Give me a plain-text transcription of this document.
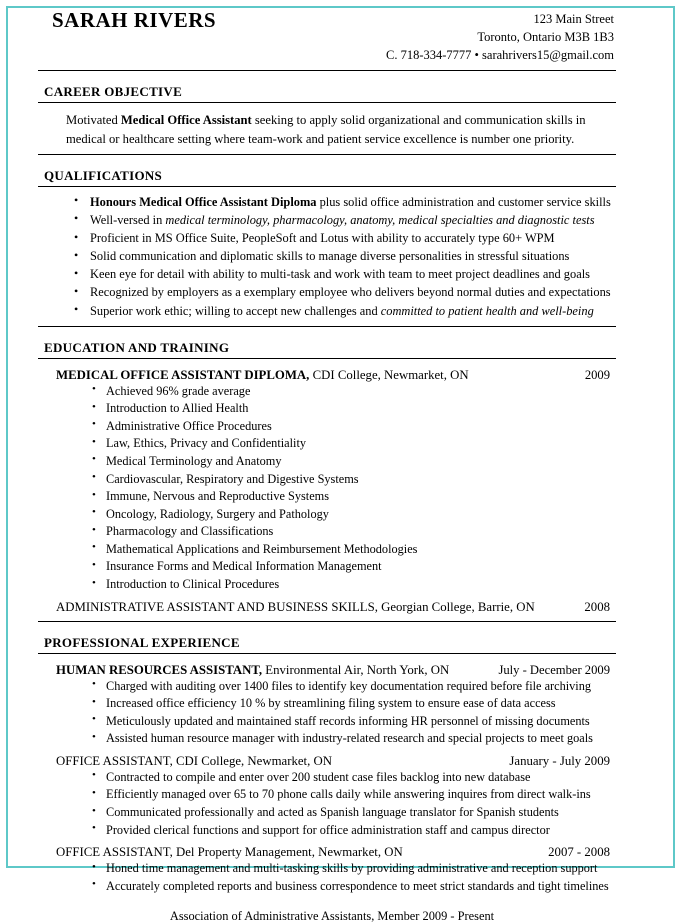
SARAH RIVERS	123 Main Street
Toronto, Ontario M3B 1B3
C. 718-334-7777 • sarahrivers15@gmail.com
CAREER OBJECTIVE
Motivated Medical Office Assistant seeking to apply solid organizational and communication skills in medical or healthcare setting where team-work and patient service excellence is number one priority.
QUALIFICATIONS
• Honours Medical Office Assistant Diploma plus solid office administration and customer service skills
• Well-versed in medical terminology, pharmacology, anatomy, medical specialties and diagnostic tests
• Proficient in MS Office Suite, PeopleSoft and Lotus with ability to accurately type 60+ WPM
• Solid communication and diplomatic skills to manage diverse personalities in stressful situations
• Keen eye for detail with ability to multi-task and work with team to meet project deadlines and goals
• Recognized by employers as a exemplary employee who delivers beyond normal duties and expectations
• Superior work ethic; willing to accept new challenges and committed to patient health and well-being
EDUCATION AND TRAINING
MEDICAL OFFICE ASSISTANT DIPLOMA, CDI College, Newmarket, ON	2009
• Achieved 96% grade average
• Introduction to Allied Health
• Administrative Office Procedures
• Law, Ethics, Privacy and Confidentiality
• Medical Terminology and Anatomy
• Cardiovascular, Respiratory and Digestive Systems
• Immune, Nervous and Reproductive Systems
• Oncology, Radiology, Surgery and Pathology
• Pharmacology and Classifications
• Mathematical Applications and Reimbursement Methodologies
• Insurance Forms and Medical Information Management
• Introduction to Clinical Procedures
ADMINISTRATIVE ASSISTANT AND BUSINESS SKILLS, Georgian College, Barrie, ON	2008
PROFESSIONAL EXPERIENCE
HUMAN RESOURCES ASSISTANT, Environmental Air, North York, ON	July - December 2009
• Charged with auditing over 1400 files to identify key documentation required before file archiving
• Increased office efficiency 10 % by streamlining filing system to ensure ease of data access
• Meticulously updated and maintained staff records informing HR personnel of missing documents
• Assisted human resource manager with industry-related research and special projects to meet goals
OFFICE ASSISTANT, CDI College, Newmarket, ON	January - July 2009
• Contracted to compile and enter over 200 student case files backlog into new database
• Efficiently managed over 65 to 70 phone calls daily while answering inquires from direct walk-ins
• Communicated professionally and acted as Spanish language translator for Spanish students
• Provided clerical functions and support for office administration staff and campus director
OFFICE ASSISTANT, Del Property Management, Newmarket, ON	2007 - 2008
• Honed time management and multi-tasking skills by providing administrative and reception support
• Accurately completed reports and business correspondence to meet strict standards and tight timelines
Association of Administrative Assistants, Member 2009 - Present
